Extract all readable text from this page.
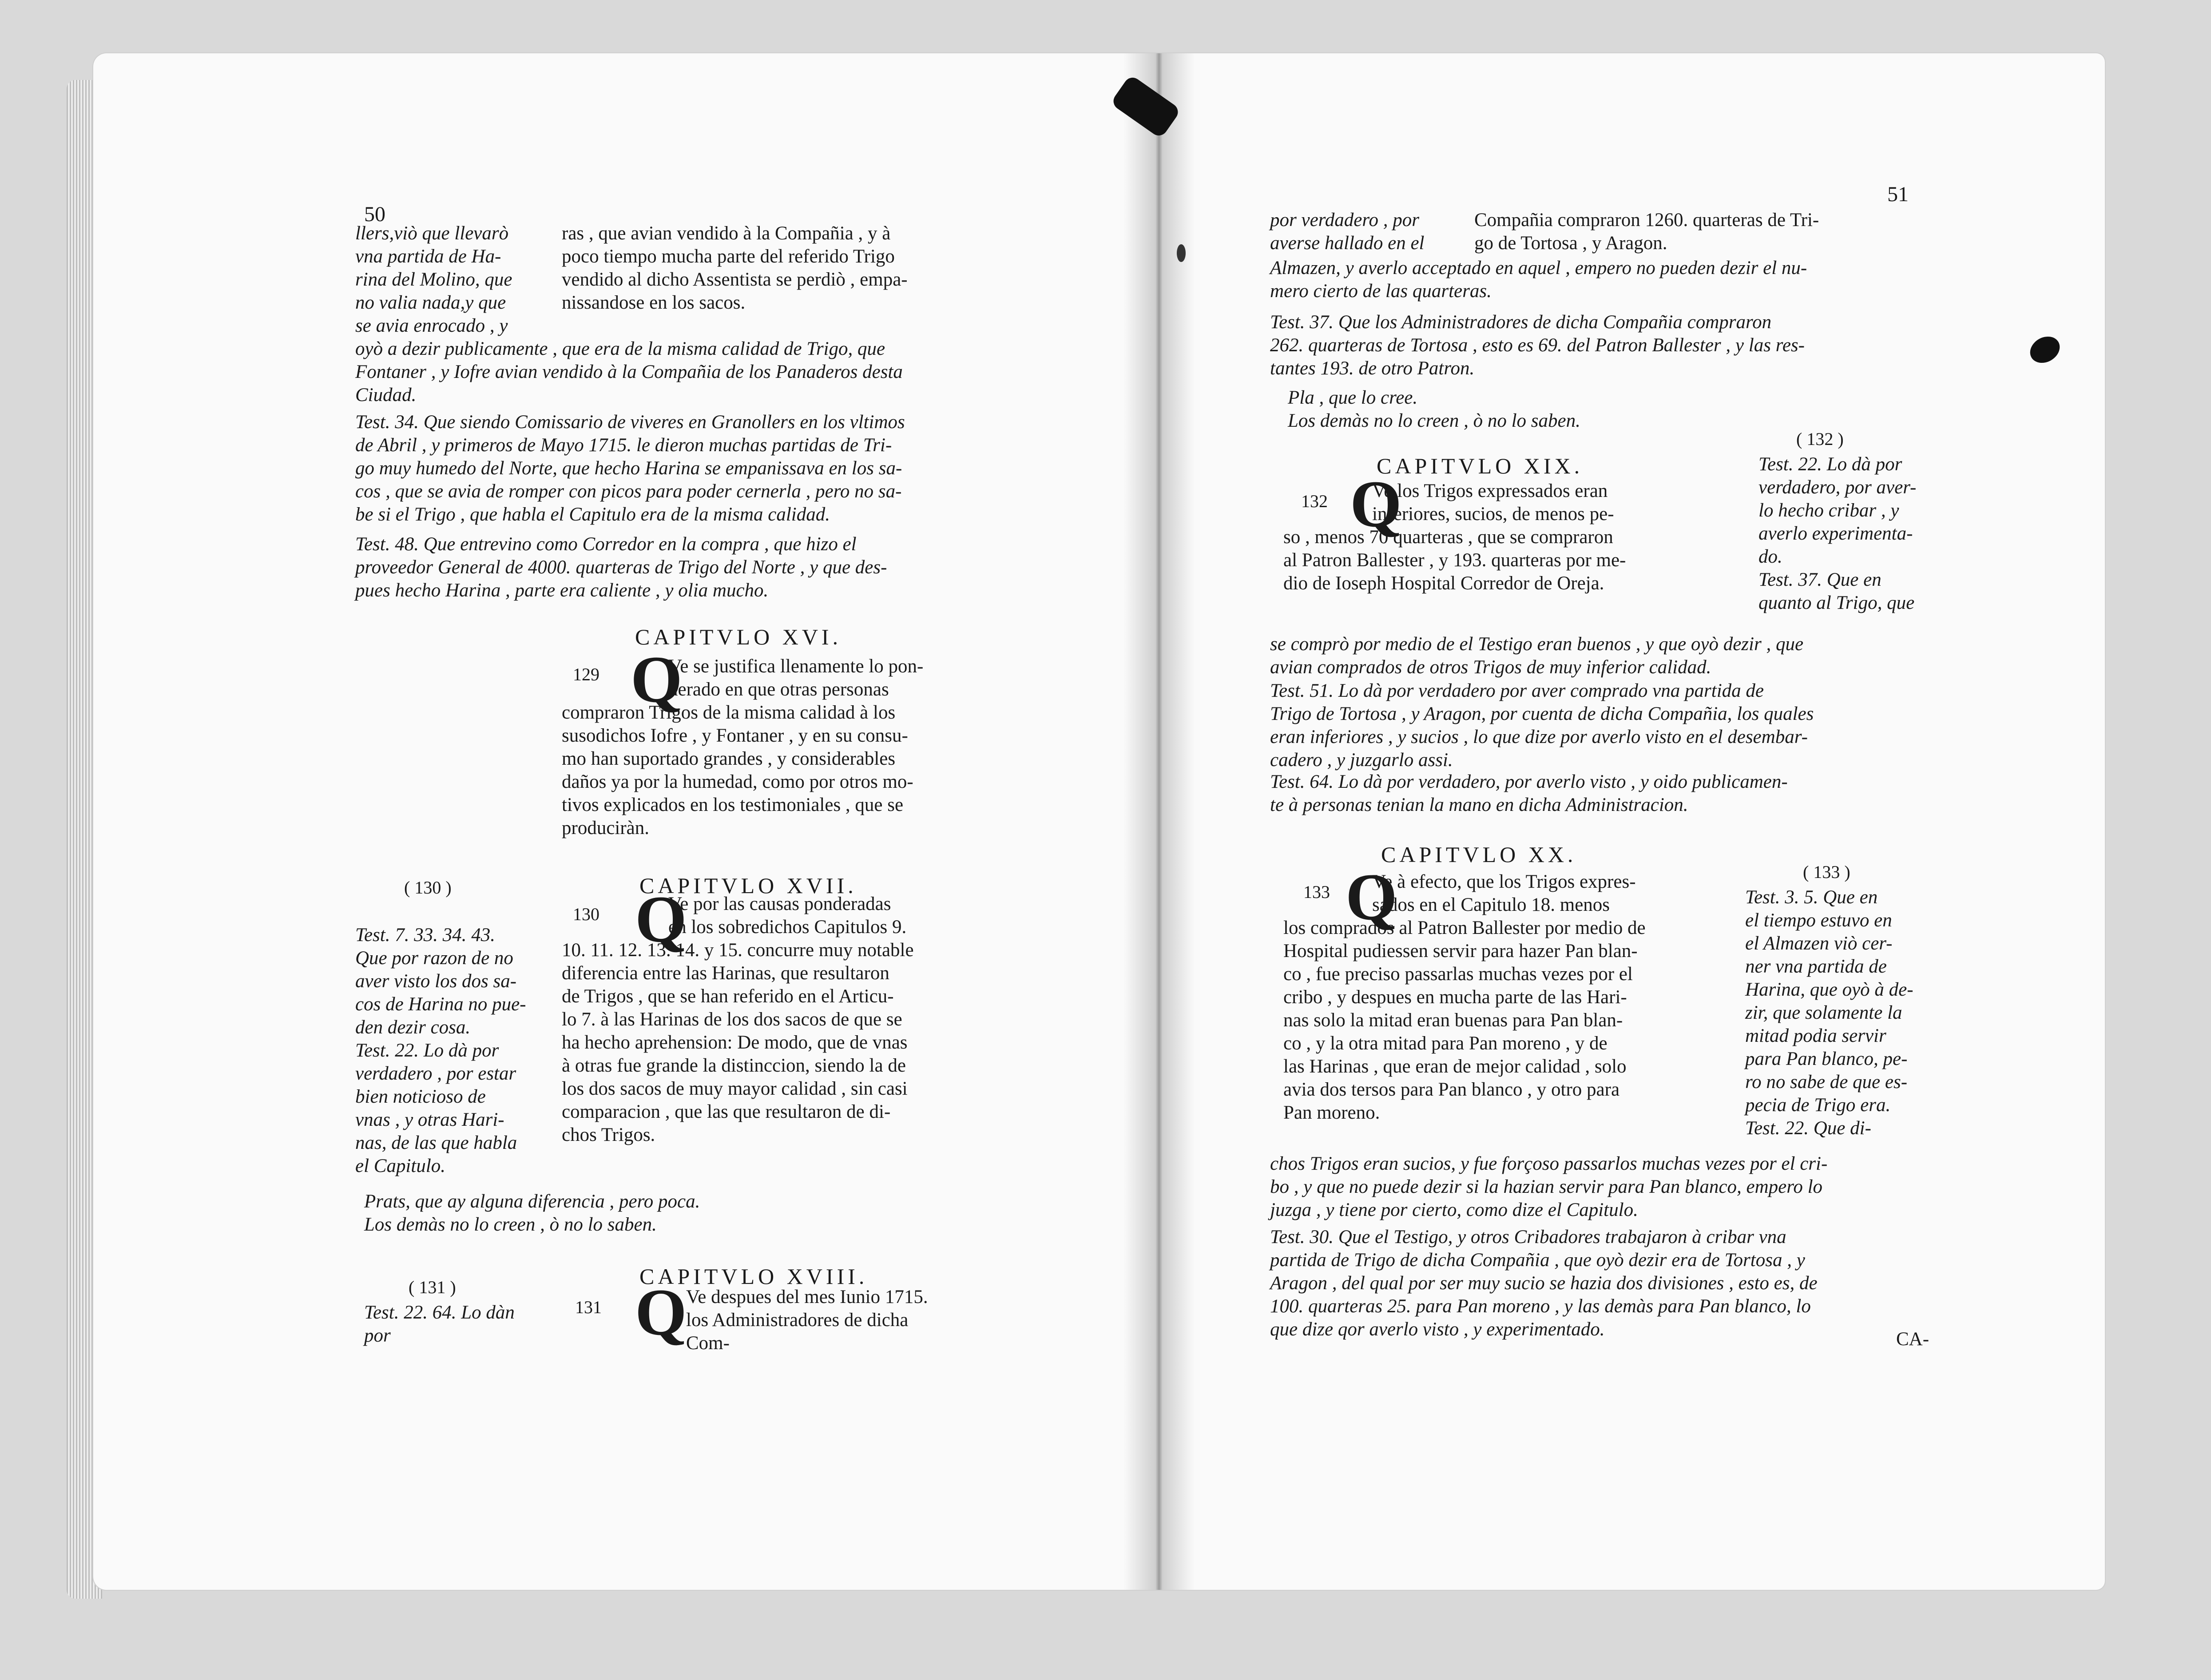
50

llers,viò que llevarò

vna partida de Ha-

rina del Molino, que

no valia nada,y que

se avia enrocado , y

ras , que avian vendido à la Compañia , y à

poco tiempo mucha parte del referido Trigo

vendido al dicho Assentista se perdiò , empa-

nissandose en los sacos.

oyò a dezir publicamente , que era de la misma calidad de Trigo, que

Fontaner , y Iofre avian vendido à la Compañia de los Panaderos desta

Ciudad.

Test. 34. Que siendo Comissario de viveres en Granollers en los vltimos

de Abril , y primeros de Mayo 1715. le dieron muchas partidas de Tri-

go muy humedo del Norte, que hecho Harina se empanissava en los sa-

cos , que se avia de romper con picos para poder cernerla , pero no sa-

be si el Trigo , que habla el Capitulo era de la misma calidad.

Test. 48. Que entrevino como Corredor en la compra , que hizo el

proveedor General de 4000. quarteras de Trigo del Norte , y que des-

pues hecho Harina , parte era caliente , y olia mucho.

CAPITVLO XVI.
129 Q

Ve se justifica llenamente lo pon-

derado en que otras personas

compraron Trigos de la misma calidad à los

susodichos Iofre , y Fontaner , y en su consu-

mo han suportado grandes , y considerables

daños ya por la humedad, como por otros mo-

tivos explicados en los testimoniales , que se

produciràn.

( 130 )	CAPITVLO XVII.
130 Q

Ve por las causas ponderadas

en los sobredichos Capitulos 9.

10. 11. 12. 13. 14. y 15. concurre muy notable

diferencia entre las Harinas, que resultaron

de Trigos , que se han referido en el Articu-

lo 7. à las Harinas de los dos sacos de que se

ha hecho aprehension: De modo, que de vnas

à otras fue grande la distinccion, siendo la de

los dos sacos de muy mayor calidad , sin casi

comparacion , que las que resultaron de di-

chos Trigos.

Test. 7. 33. 34. 43.

Que por razon de no

aver visto los dos sa-

cos de Harina no pue-

den dezir cosa.

Test. 22. Lo dà por

verdadero , por estar

bien noticioso de

vnas , y otras Hari-

nas, de las que habla

el Capitulo.

Prats, que ay alguna diferencia , pero poca.

Los demàs no lo creen , ò no lo saben.

( 131 )

Test. 22. 64. Lo dàn

por

CAPITVLO XVIII.
131 Q

Ve despues del mes Iunio 1715.

los Administradores de dicha

Com-

51

por verdadero , por

averse hallado en el

Compañia compraron 1260. quarteras de Tri-

go de Tortosa , y Aragon.

Almazen, y averlo acceptado en aquel , empero no pueden dezir el nu-

mero cierto de las quarteras.

Test. 37. Que los Administradores de dicha Compañia compraron

262. quarteras de Tortosa , esto es 69. del Patron Ballester , y las res-

tantes 193. de otro Patron.

Pla , que lo cree.

Los demàs no lo creen , ò no lo saben.

( 132 )
CAPITVLO XIX.
132 Q

Ve los Trigos expressados eran

inferiores, sucios, de menos pe-

so , menos 70 quarteras , que se compraron

al Patron Ballester , y 193. quarteras por me-

dio de Ioseph Hospital Corredor de Oreja.

Test. 22. Lo dà por

verdadero, por aver-

lo hecho cribar , y

averlo experimenta-

do.

Test. 37. Que en

quanto al Trigo, que

se comprò por medio de el Testigo eran buenos , y que oyò dezir , que

avian comprados de otros Trigos de muy inferior calidad.

Test. 51. Lo dà por verdadero por aver comprado vna partida de

Trigo de Tortosa , y Aragon, por cuenta de dicha Compañia, los quales

eran inferiores , y sucios , lo que dize por averlo visto en el desembar-

cadero , y juzgarlo assi.

Test. 64. Lo dà por verdadero, por averlo visto , y oido publicamen-

te à personas tenian la mano en dicha Administracion.

( 133 )
CAPITVLO XX.
133 Q

Ve à efecto, que los Trigos expres-

sados en el Capitulo 18. menos

los comprados al Patron Ballester por medio de

Hospital pudiessen servir para hazer Pan blan-

co , fue preciso passarlas muchas vezes por el

cribo , y despues en mucha parte de las Hari-

nas solo la mitad eran buenas para Pan blan-

co , y la otra mitad para Pan moreno , y de

las Harinas , que eran de mejor calidad , solo

avia dos tersos para Pan blanco , y otro para

Pan moreno.

Test. 3. 5. Que en

el tiempo estuvo en

el Almazen viò cer-

ner vna partida de

Harina, que oyò à de-

zir, que solamente la

mitad podia servir

para Pan blanco, pe-

ro no sabe de que es-

pecia de Trigo era.

Test. 22. Que di-

chos Trigos eran sucios, y fue forçoso passarlos muchas vezes por el cri-

bo , y que no puede dezir si la hazian servir para Pan blanco, empero lo

juzga , y tiene por cierto, como dize el Capitulo.

Test. 30. Que el Testigo, y otros Cribadores trabajaron à cribar vna

partida de Trigo de dicha Compañia , que oyò dezir era de Tortosa , y

Aragon , del qual por ser muy sucio se hazia dos divisiones , esto es, de

100. quarteras 25. para Pan moreno , y las demàs para Pan blanco, lo

que dize qor averlo visto , y experimentado.	CA-
